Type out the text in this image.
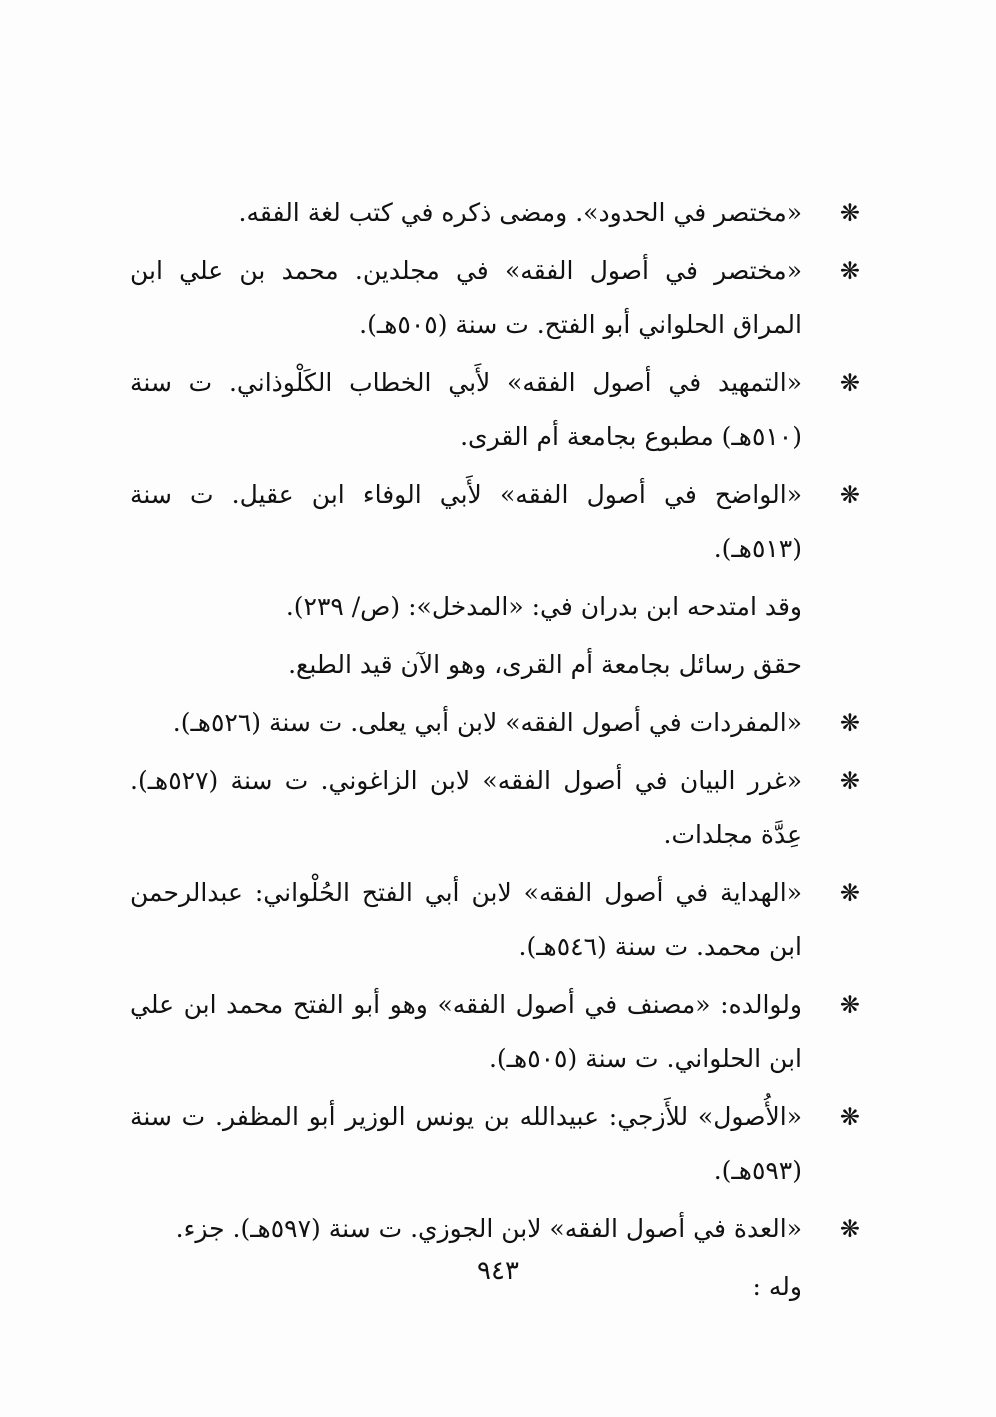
❋
«مختصر في الحدود». ومضى ذكره في كتب لغة الفقه.
❋
«مختصر في أصول الفقه» في مجلدين. محمد بن علي ابن المراق الحلواني أبو الفتح. ت سنة (٥٠٥هـ).
❋
«التمهيد في أصول الفقه» لأَبي الخطاب الكَلْوذاني. ت سنة (٥١٠هـ) مطبوع بجامعة أم القرى.
❋
«الواضح في أصول الفقه» لأَبي الوفاء ابن عقيل. ت سنة (٥١٣هـ).
وقد امتدحه ابن بدران في: «المدخل»: (ص/ ٢٣٩).
حقق رسائل بجامعة أم القرى، وهو الآن قيد الطبع.
❋
«المفردات في أصول الفقه» لابن أبي يعلى. ت سنة (٥٢٦هـ).
❋
«غرر البيان في أصول الفقه» لابن الزاغوني. ت سنة (٥٢٧هـ). عِدَّة مجلدات.
❋
«الهداية في أصول الفقه» لابن أبي الفتح الحُلْواني: عبدالرحمن ابن محمد. ت سنة (٥٤٦هـ).
❋
ولوالده: «مصنف في أصول الفقه» وهو أبو الفتح محمد ابن علي ابن الحلواني. ت سنة (٥٠٥هـ).
❋
«الأُصول» للأَزجي: عبيدالله بن يونس الوزير أبو المظفر. ت سنة (٥٩٣هـ).
❋
«العدة في أصول الفقه» لابن الجوزي. ت سنة (٥٩٧هـ). جزء.
وله :
٩٤٣
